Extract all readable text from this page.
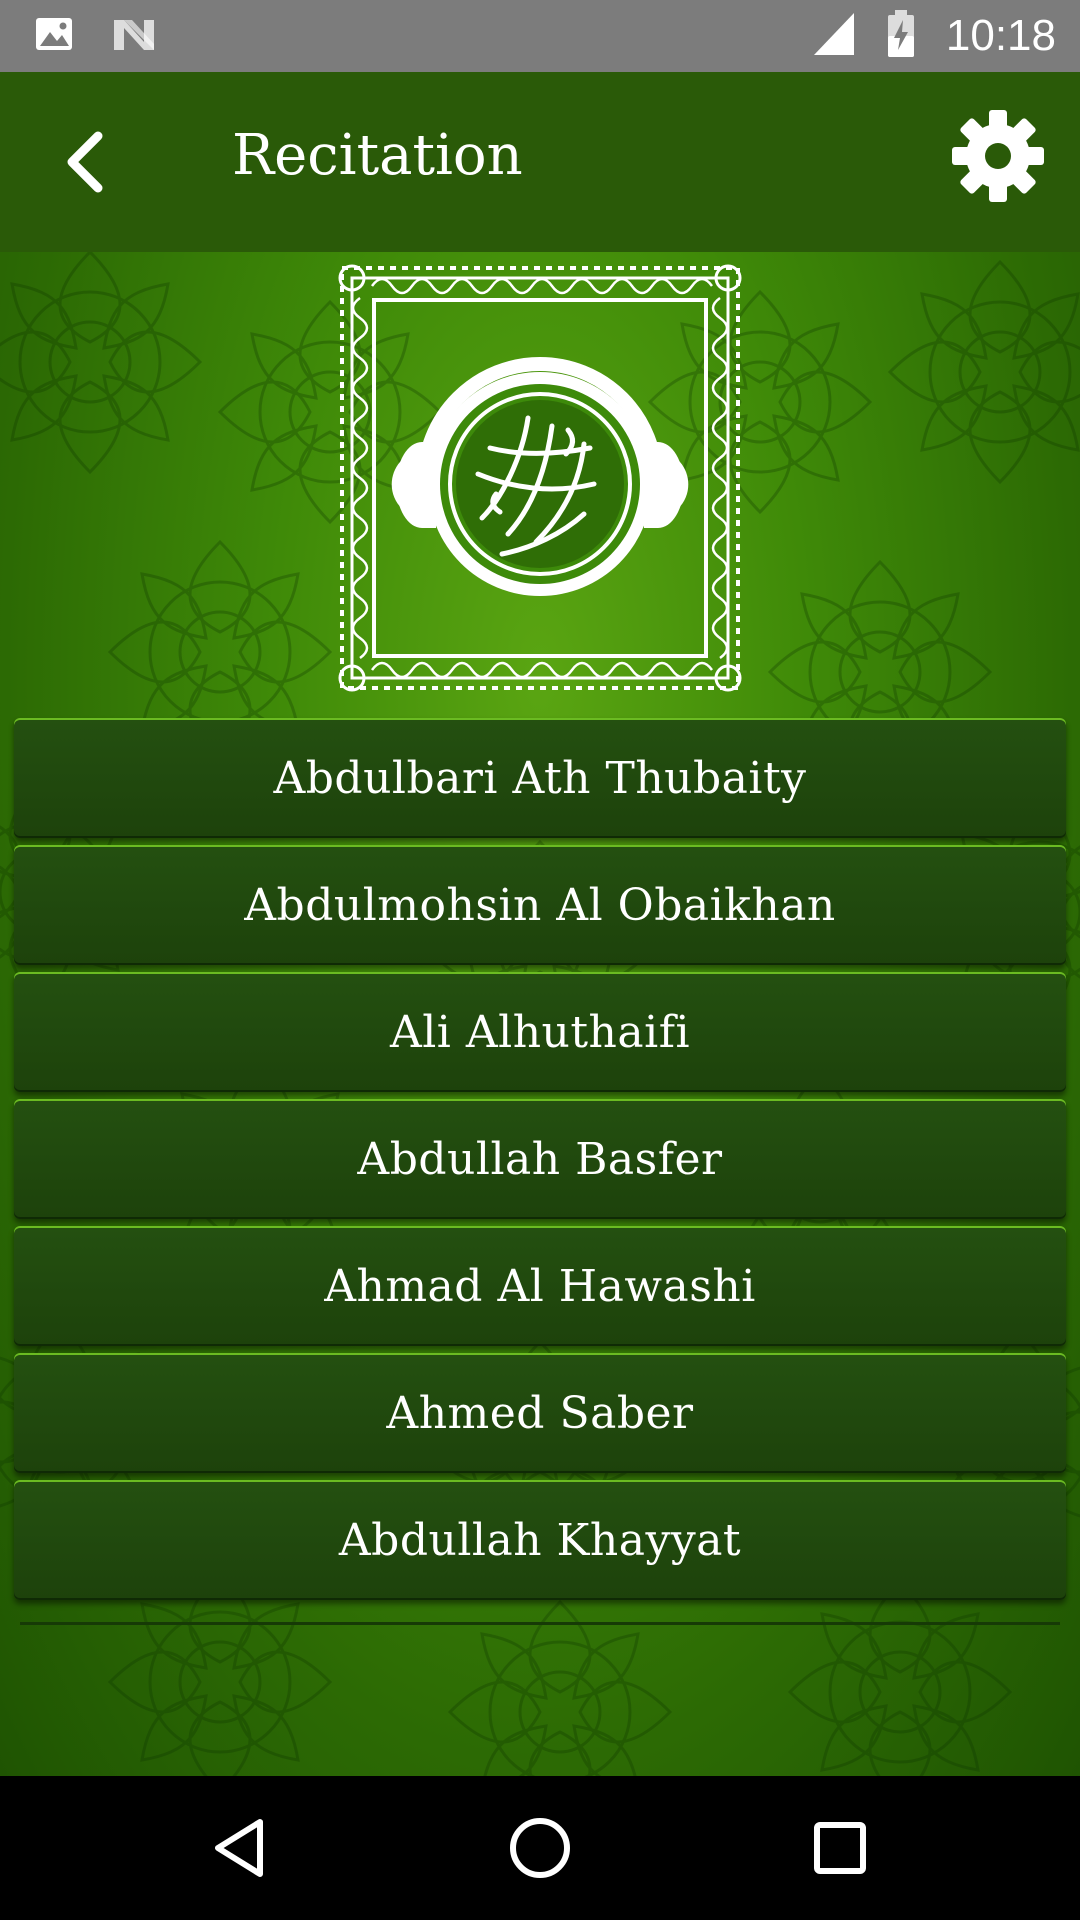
10:18
Recitation
Abdulbari Ath Thubaity
Abdulmohsin Al Obaikhan
Ali Alhuthaifi
Abdullah Basfer
Ahmad Al Hawashi
Ahmed Saber
Abdullah Khayyat
